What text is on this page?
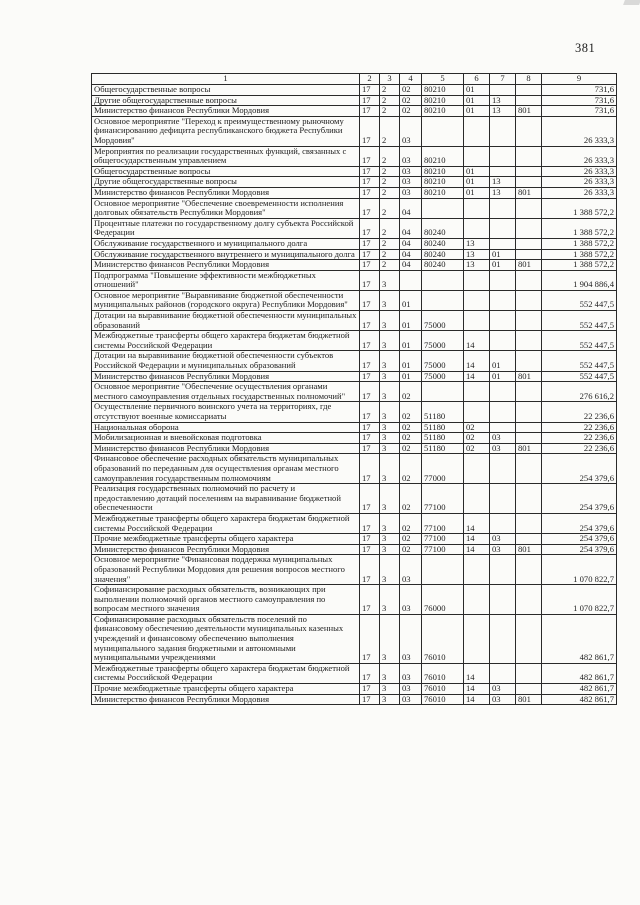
381
1	2	3	4	5	6	7	8	9
Общегосударственные вопросы	17	2	02	80210	01			731,6
Другие общегосударственные вопросы	17	2	02	80210	01	13		731,6
Министерство финансов Республики Мордовия	17	2	02	80210	01	13	801	731,6
Основное мероприятие "Переход к преимущественному рыночному финансированию дефицита республиканского бюджета Республики Мордовия"	17	2	03					26 333,3
Мероприятия по реализации государственных функций, связанных с общегосударственным управлением	17	2	03	80210				26 333,3
Общегосударственные вопросы	17	2	03	80210	01			26 333,3
Другие общегосударственные вопросы	17	2	03	80210	01	13		26 333,3
Министерство финансов Республики Мордовия	17	2	03	80210	01	13	801	26 333,3
Основное мероприятие "Обеспечение своевременности исполнения долговых обязательств Республики Мордовия"	17	2	04					1 388 572,2
Процентные платежи по государственному долгу субъекта Российской Федерации	17	2	04	80240				1 388 572,2
Обслуживание государственного и муниципального долга	17	2	04	80240	13			1 388 572,2
Обслуживание государственного внутреннего и муниципального долга	17	2	04	80240	13	01		1 388 572,2
Министерство финансов Республики Мордовия	17	2	04	80240	13	01	801	1 388 572,2
Подпрограмма "Повышение эффективности межбюджетных отношений"	17	3						1 904 886,4
Основное мероприятие "Выравнивание бюджетной обеспеченности муниципальных районов (городского округа) Республики Мордовия"	17	3	01					552 447,5
Дотации на выравнивание бюджетной обеспеченности муниципальных образований	17	3	01	75000				552 447,5
Межбюджетные трансферты общего характера бюджетам бюджетной системы Российской Федерации	17	3	01	75000	14			552 447,5
Дотации на выравнивание бюджетной обеспеченности субъектов Российской Федерации и муниципальных образований	17	3	01	75000	14	01		552 447,5
Министерство финансов Республики Мордовия	17	3	01	75000	14	01	801	552 447,5
Основное мероприятие "Обеспечение осуществления органами местного самоуправления отдельных государственных полномочий"	17	3	02					276 616,2
Осуществление первичного воинского учета на территориях, где отсутствуют военные комиссариаты	17	3	02	51180				22 236,6
Национальная оборона	17	3	02	51180	02			22 236,6
Мобилизационная и вневойсковая подготовка	17	3	02	51180	02	03		22 236,6
Министерство финансов Республики Мордовия	17	3	02	51180	02	03	801	22 236,6
Финансовое обеспечение расходных обязательств муниципальных образований по переданным для осуществления органам местного самоуправления государственным полномочиям	17	3	02	77000				254 379,6
Реализация государственных полномочий по расчету и предоставлению дотаций поселениям на выравнивание бюджетной обеспеченности	17	3	02	77100				254 379,6
Межбюджетные трансферты общего характера бюджетам бюджетной системы Российской Федерации	17	3	02	77100	14			254 379,6
Прочие межбюджетные трансферты общего характера	17	3	02	77100	14	03		254 379,6
Министерство финансов Республики Мордовия	17	3	02	77100	14	03	801	254 379,6
Основное мероприятие "Финансовая поддержка муниципальных образований Республики Мордовия для решения вопросов местного значения"	17	3	03					1 070 822,7
Софинансирование расходных обязательств, возникающих при выполнении полномочий органов местного самоуправления по вопросам местного значения	17	3	03	76000				1 070 822,7
Софинансирование расходных обязательств поселений по финансовому обеспечению деятельности муниципальных казенных учреждений и финансовому обеспечению выполнения муниципального задания бюджетными и автономными муниципальными учреждениями	17	3	03	76010				482 861,7
Межбюджетные трансферты общего характера бюджетам бюджетной системы Российской Федерации	17	3	03	76010	14			482 861,7
Прочие межбюджетные трансферты общего характера	17	3	03	76010	14	03		482 861,7
Министерство финансов Республики Мордовия	17	3	03	76010	14	03	801	482 861,7
